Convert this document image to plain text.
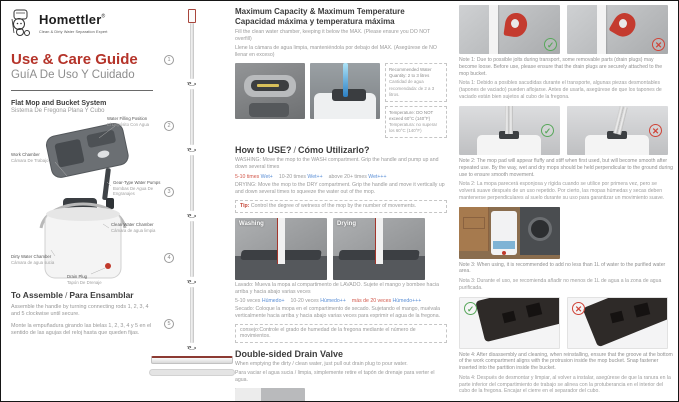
Homettler®
Clean & Dirty Water Separation Expert
Use & Care Guide
GuíA De Uso Y Cuidado
Flat Mop and Bucket System
Sistema De Fregona Plana Y Cubo
Water Filling Position
El Depósito Con Agua
Work Chamber
Cámara De Trabajo
Gear-Type Water Pumps
Bombas De Agua De Engranajes
Clean Water Chamber
Cámara de agua limpia
Dirty Water Chamber
Cámara de agua sucia
Drain Plug
Tapón De Drenaje
To Assemble / Para Ensamblar
Assemble the handle by turning connecting rods 1, 2, 3, 4 and 5 clockwise until secure.
Monte la empuñadura girando las bielas 1, 2, 3, 4 y 5 en el sentido de las agujas del reloj hasta que queden fijas.
↻
↻
↻
↻
↻
1
2
3
4
5
Maximum Capacity & Maximum Temperature
Capacidad máxima y temperatura máxima
Fill the clean water chamber, keeping it below the MAX. (Please ensure you DO NOT overfill)
Llene la cámara de agua limpia, manteniéndola por debajo del MAX. (Asegúrese de NO llenar en exceso)
Recommended Water Quantity: 2 to 3 litres
Cantidad de agua recomendada: de 2 a 3 litros.
Temperature: DO NOT exceed 60°C (140°F)
Temperatura: no superar los 60°C (140°F)
How to USE? / Cómo Utilizarlo?
WASHING: Move the mop to the WASH compartment. Grip the handle and pump up and down several times
5-10 times Wet+ 10-20 times Wet++ above 20+ times Wet+++
DRYING: Move the mop to the DRY compartment. Grip the handle and move it vertically up and down several times to squeeze the water out of the mop.
Tip: Control the degree of wetness of the mop by the number of movements.
Washing	Drying
Lavado: Mueva la mopa al compartimento de LAVADO. Sujete el mango y bombee hacia arriba y hacia abajo varias veces
5-10 veces Húmedo+ 10-20 veces Húmedo++ más de 20 veces Húmedo+++
Secado: Coloque la mopa en el compartimento de secado. Sujetando el mango, muévala verticalmente hacia arriba y hacia abajo varias veces para exprimir el agua de la fregona.
consejo:Controle el grado de humedad de la fregona mediante el número de movimientos.
Double-sided Drain Valve
When emptying the dirty / clean water, just pull out drain plug to pour water.
Para vaciar el agua sucia / limpia, simplemente retire el tapón de drenaje para verter el agua.
✓	✕
Note 1: Due to possible jolts during transport, some removable parts (drain plugs) may become loose. Before use, please ensure that the drain plugs are securely attached to the mop bucket.
Nota 1: Debido a posibles sacudidas durante el transporte, algunas piezas desmontables (tapones de vaciado) pueden aflojarse. Antes de usarla, asegúrese de que los tapones de vaciado están bien sujetos al cubo de la fregona.
✓	✕
Note 2: The mop pad will appear fluffy and stiff when first used, but will become smooth after repeated use. By the way, wet and dry mops should be held perpendicular to the ground during use to ensure smooth movement.
Nota 2: La mopa parecerá esponjosa y rígida cuando se utilice por primera vez, pero se volverá suave después de un uso repetido. Por cierto, las mopas húmedas y secas deben mantenerse perpendiculares al suelo durante su uso para garantizar un movimiento suave.
Note 3: When using, it is recommended to add no less than 1L of water to the purified water area.
Nota 3: Durante el uso, se recomienda añadir no menos de 1L de agua a la zona de agua purificada.
✓	✕
Note 4: After disassembly and cleaning, when reinstalling, ensure that the groove at the bottom of the work compartment aligns with the protrusion inside the mop bucket. Snap fastener inserted into the partition inside the bucket.
Nota 4: Después de desmontar y limpiar, al volver a instalar, asegúrese de que la ranura en la parte inferior del compartimiento de trabajo se alinea con la protuberancia en el interior del cubo de la fregona. Encajar el cierre en el separador del cubo.
